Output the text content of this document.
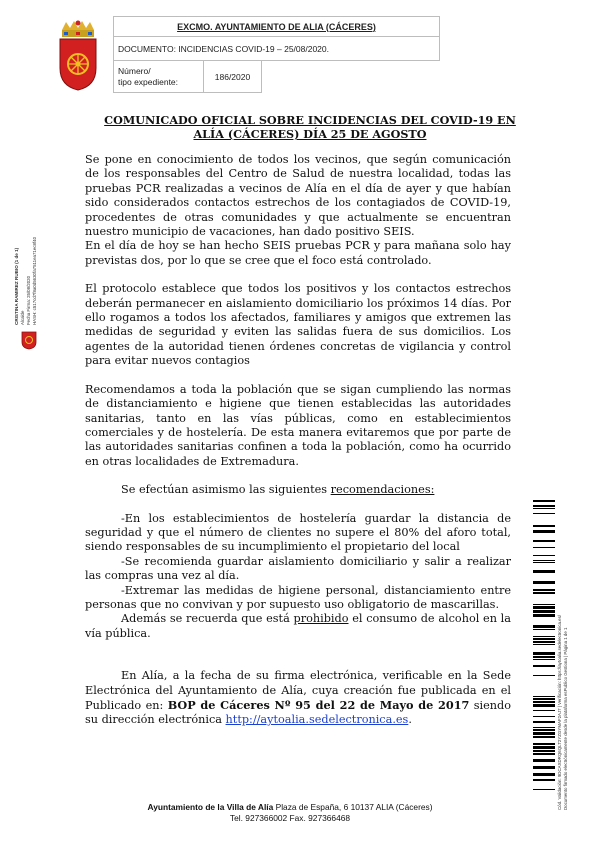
EXCMO. AYUNTAMIENTO DE ALIA (CÁCERES)
DOCUMENTO: INCIDENCIAS COVID-19 – 25/08/2020.
Número/
tipo expediente:	186/2020	
CRISTINA RAMIREZ RUBIO (1 de 1)
Alcalde
Fecha Firma: 25/08/2020
HASH: c517cd7f8a0d5630fa7511ea71ec8f40
Cód. Validación: 9DCAXDRQ6QLT2YZGYMAF2AJ7 | Verificación: https://aytoalia.sedelectronica.es/
Documento firmado electrónicamente desde la plataforma esPublico Gestiona | Página 1 de 1
COMUNICADO OFICIAL SOBRE INCIDENCIAS DEL COVID-19 EN
ALÍA (CÁCERES) DÍA 25 DE AGOSTO

Se pone en conocimiento de todos los vecinos, que según comunicación de los responsables del Centro de Salud de nuestra localidad, todas las pruebas PCR realizadas a vecinos de Alía en el día de ayer y que habían sido considerados contactos estrechos de los contagiados de COVID-19, procedentes de otras comunidades y que actualmente se encuentran nuestro municipio de vacaciones, han dado positivo SEIS.

En el día de hoy se han hecho SEIS pruebas PCR y para mañana solo hay previstas dos, por lo que se cree que el foco está controlado.

El protocolo establece que todos los positivos y los contactos estrechos deberán permanecer en aislamiento domiciliario los próximos 14 días. Por ello rogamos a todos los afectados, familiares y amigos que extremen las medidas de seguridad y eviten las salidas fuera de sus domicilios. Los agentes de la autoridad tienen órdenes concretas de vigilancia y control para evitar nuevos contagios

Recomendamos a toda la población que se sigan cumpliendo las normas de distanciamiento e higiene que tienen establecidas las autoridades sanitarias, tanto en las vías públicas, como en establecimientos comerciales y de hostelería. De esta manera evitaremos que por parte de las autoridades sanitarias confinen a toda la población, como ha ocurrido en otras localidades de Extremadura.

Se efectúan asimismo las siguientes recomendaciones:

-En los establecimientos de hostelería guardar la distancia de seguridad y que el número de clientes no supere el 80% del aforo total, siendo responsables de su incumplimiento el propietario del local

-Se recomienda guardar aislamiento domiciliario y salir a realizar las compras una vez al día.

-Extremar las medidas de higiene personal, distanciamiento entre personas que no convivan y por supuesto uso obligatorio de mascarillas.

Además se recuerda que está prohibido el consumo de alcohol en la vía pública.

En Alía, a la fecha de su firma electrónica, verificable en la Sede Electrónica del Ayuntamiento de Alía, cuya creación fue publicada en el Publicado en: BOP de Cáceres Nº 95 del 22 de Mayo de 2017 siendo su dirección electrónica http://aytoalia.sedelectronica.es.

Ayuntamiento de la Villa de Alía Plaza de España, 6 10137 ALIA (Cáceres)
Tel. 927366002 Fax. 927366468
